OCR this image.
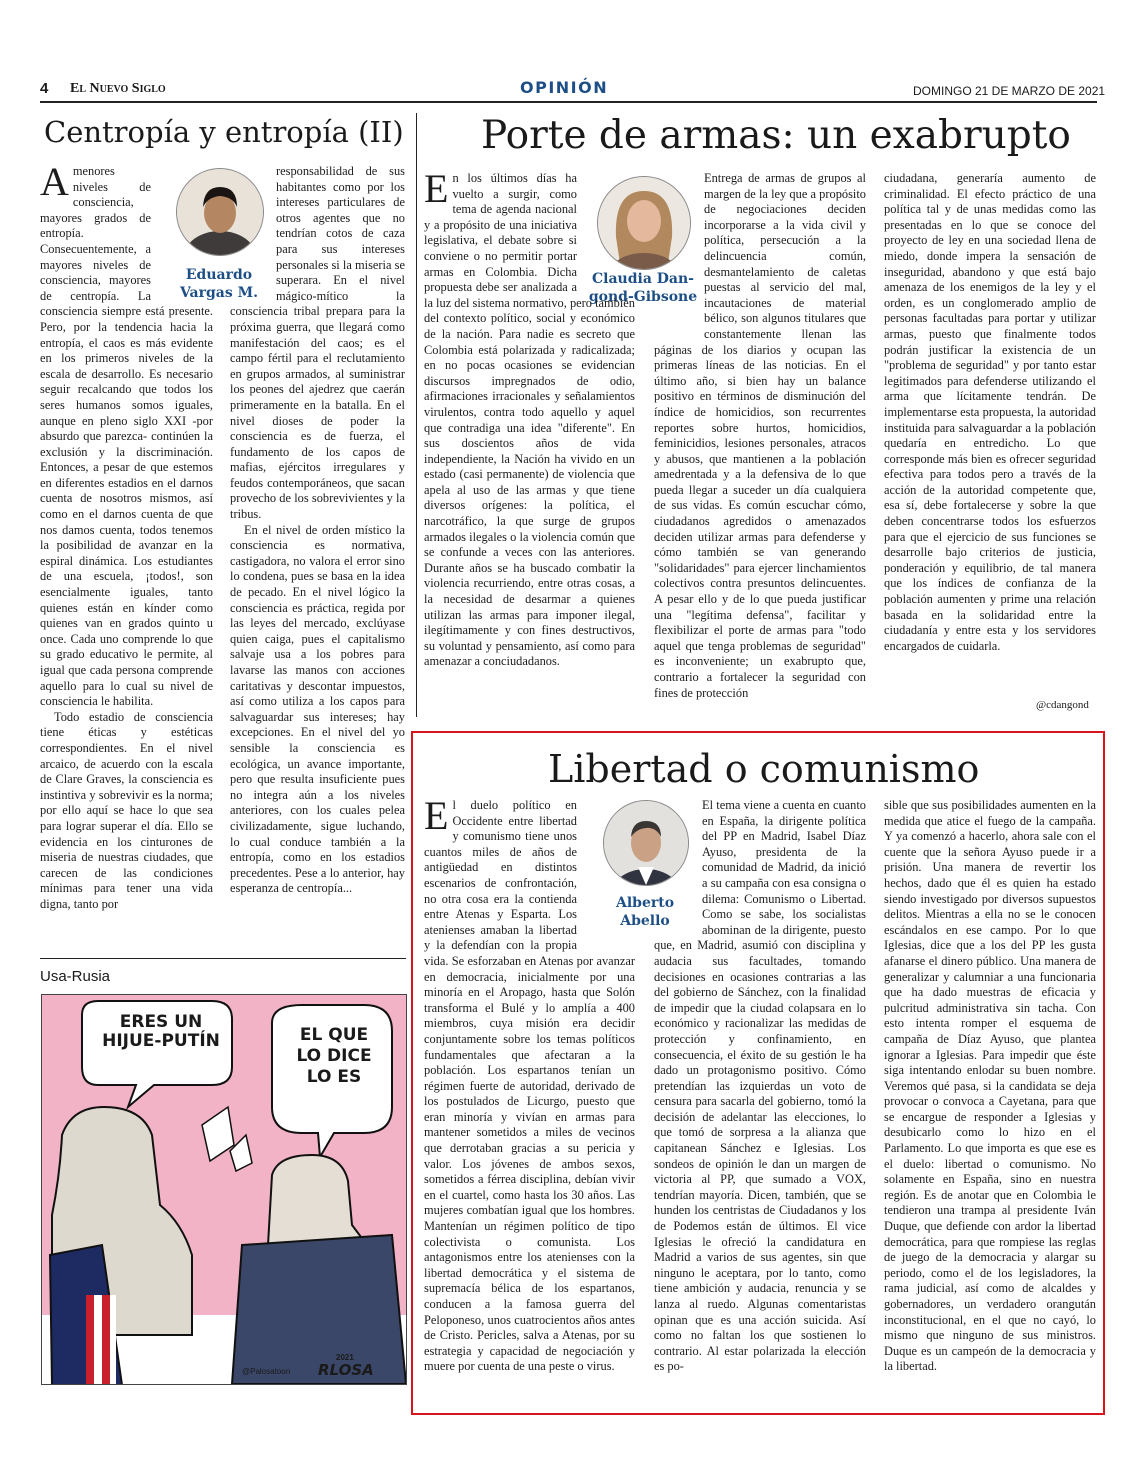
4 El Nuevo Siglo	OPINIÓN	DOMINGO 21 DE MARZO DE 2021
Centropía y entropía (II)
Eduardo
Vargas M.
Amenores niveles de consciencia, mayores grados de entropía. Consecuentemente, a mayores niveles de consciencia, mayores de centropía. La consciencia siempre está presente. Pero, por la tendencia hacia la entropía, el caos es más evidente en los primeros niveles de la escala de desarrollo. Es necesario seguir recalcando que todos los seres humanos somos iguales, aunque en pleno siglo XXI -por absurdo que parezca- continúen la exclusión y la discriminación. Entonces, a pesar de que estemos en diferentes estadios en el darnos cuenta de nosotros mismos, así como en el darnos cuenta de que nos damos cuenta, todos tenemos la posibilidad de avanzar en la espiral dinámica. Los estudiantes de una escuela, ¡todos!, son esencialmente iguales, tanto quienes están en kínder como quienes van en grados quinto u once. Cada uno comprende lo que su grado educativo le permite, al igual que cada persona comprende aquello para lo cual su nivel de consciencia le habilita.

Todo estadio de consciencia tiene éticas y estéticas correspondientes. En el nivel arcaico, de acuerdo con la escala de Clare Graves, la consciencia es instintiva y sobrevivir es la norma; por ello aquí se hace lo que sea para lograr superar el día. Ello se evidencia en los cinturones de miseria de nuestras ciudades, que carecen de las condiciones mínimas para tener una vida digna, tanto por

responsabilidad de sus habitantes como por los intereses particulares de otros agentes que no tendrían cotos de caza para sus intereses personales si la miseria se superara. En el nivel mágico-mítico la consciencia tribal prepara para la próxima guerra, que llegará como manifestación del caos; es el campo fértil para el reclutamiento en grupos armados, al suministrar los peones del ajedrez que caerán primeramente en la batalla. En el nivel dioses de poder la consciencia es de fuerza, el fundamento de los capos de mafias, ejércitos irregulares y feudos contemporáneos, que sacan provecho de los sobrevivientes y la tribus.

En el nivel de orden místico la consciencia es normativa, castigadora, no valora el error sino lo condena, pues se basa en la idea de pecado. En el nivel lógico la consciencia es práctica, regida por las leyes del mercado, exclúyase quien caiga, pues el capitalismo salvaje usa a los pobres para lavarse las manos con acciones caritativas y descontar impuestos, así como utiliza a los capos para salvaguardar sus intereses; hay excepciones. En el nivel del yo sensible la consciencia es ecológica, un avance importante, pero que resulta insuficiente pues no integra aún a los niveles anteriores, con los cuales pelea civilizadamente, sigue luchando, lo cual conduce también a la entropía, como en los estadios precedentes. Pese a lo anterior, hay esperanza de centropía...

Usa-Rusia
ERES UN HIJUE-PUTÍN	EL QUE LO DICE LO ES
@Palosatoon
2021
RLOSA
Porte de armas: un exabrupto
Claudia Dan-
gond-Gibsone
En los últimos días ha vuelto a surgir, como tema de agenda nacional y a propósito de una iniciativa legislativa, el debate sobre si conviene o no permitir portar armas en Colombia. Dicha propuesta debe ser analizada a la luz del sistema normativo, pero también del contexto político, social y económico de la nación. Para nadie es secreto que Colombia está polarizada y radicalizada; en no pocas ocasiones se evidencian discursos impregnados de odio, afirmaciones irracionales y señalamientos virulentos, contra todo aquello y aquel que contradiga una idea "diferente". En sus doscientos años de vida independiente, la Nación ha vivido en un estado (casi permanente) de violencia que apela al uso de las armas y que tiene diversos orígenes: la política, el narcotráfico, la que surge de grupos armados ilegales o la violencia común que se confunde a veces con las anteriores. Durante años se ha buscado combatir la violencia recurriendo, entre otras cosas, a la necesidad de desarmar a quienes utilizan las armas para imponer ilegal, ilegítimamente y con fines destructivos, su voluntad y pensamiento, así como para amenazar a conciudadanos.
Entrega de armas de grupos al margen de la ley que a propósito de negociaciones deciden incorporarse a la vida civil y política, persecución a la delincuencia común, desmantelamiento de caletas puestas al servicio del mal, incautaciones de material bélico, son algunos titulares que constantemente llenan las páginas de los diarios y ocupan las primeras líneas de las noticias. En el último año, si bien hay un balance positivo en términos de disminución del índice de homicidios, son recurrentes reportes sobre hurtos, homicidios, feminicidios, lesiones personales, atracos y abusos, que mantienen a la población amedrentada y a la defensiva de lo que pueda llegar a suceder un día cualquiera de sus vidas. Es común escuchar cómo, ciudadanos agredidos o amenazados deciden utilizar armas para defenderse y cómo también se van generando "solidaridades" para ejercer linchamientos colectivos contra presuntos delincuentes. A pesar ello y de lo que pueda justificar una "legítima defensa", facilitar y flexibilizar el porte de armas para "todo aquel que tenga problemas de seguridad" es inconveniente; un exabrupto que, contrario a fortalecer la seguridad con fines de protección
ciudadana, generaría aumento de criminalidad. El efecto práctico de una política tal y de unas medidas como las presentadas en lo que se conoce del proyecto de ley en una sociedad llena de miedo, donde impera la sensación de inseguridad, abandono y que está bajo amenaza de los enemigos de la ley y el orden, es un conglomerado amplio de personas facultadas para portar y utilizar armas, puesto que finalmente todos podrán justificar la existencia de un "problema de seguridad" y por tanto estar legitimados para defenderse utilizando el arma que lícitamente tendrán. De implementarse esta propuesta, la autoridad instituida para salvaguardar a la población quedaría en entredicho. Lo que corresponde más bien es ofrecer seguridad efectiva para todos pero a través de la acción de la autoridad competente que, esa sí, debe fortalecerse y sobre la que deben concentrarse todos los esfuerzos para que el ejercicio de sus funciones se desarrolle bajo criterios de justicia, ponderación y equilibrio, de tal manera que los índices de confianza de la población aumenten y prime una relación basada en la solidaridad entre la ciudadanía y entre esta y los servidores encargados de cuidarla.
@cdangond
Libertad o comunismo
Alberto
Abello
El duelo político en Occidente entre libertad y comunismo tiene unos cuantos miles de años de antigüedad en distintos escenarios de confrontación, no otra cosa era la contienda entre Atenas y Esparta. Los atenienses amaban la libertad y la defendían con la propia vida. Se esforzaban en Atenas por avanzar en democracia, inicialmente por una minoría en el Aropago, hasta que Solón transforma el Bulé y lo amplía a 400 miembros, cuya misión era decidir conjuntamente sobre los temas políticos fundamentales que afectaran a la población. Los espartanos tenían un régimen fuerte de autoridad, derivado de los postulados de Licurgo, puesto que eran minoría y vivían en armas para mantener sometidos a miles de vecinos que derrotaban gracias a su pericia y valor. Los jóvenes de ambos sexos, sometidos a férrea disciplina, debían vivir en el cuartel, como hasta los 30 años. Las mujeres combatían igual que los hombres. Mantenían un régimen político de tipo colectivista o comunista. Los antagonismos entre los atenienses con la libertad democrática y el sistema de supremacía bélica de los espartanos, conducen a la famosa guerra del Peloponeso, unos cuatrocientos años antes de Cristo. Pericles, salva a Atenas, por su estrategia y capacidad de negociación y muere por cuenta de una peste o virus.
El tema viene a cuenta en cuanto en España, la dirigente política del PP en Madrid, Isabel Díaz Ayuso, presidenta de la comunidad de Madrid, da inició a su campaña con esa consigna o dilema: Comunismo o Libertad. Como se sabe, los socialistas abominan de la dirigente, puesto que, en Madrid, asumió con disciplina y audacia sus facultades, tomando decisiones en ocasiones contrarias a las del gobierno de Sánchez, con la finalidad de impedir que la ciudad colapsara en lo económico y racionalizar las medidas de protección y confinamiento, en consecuencia, el éxito de su gestión le ha dado un protagonismo positivo. Cómo pretendían las izquierdas un voto de censura para sacarla del gobierno, tomó la decisión de adelantar las elecciones, lo que tomó de sorpresa a la alianza que capitanean Sánchez e Iglesias. Los sondeos de opinión le dan un margen de victoria al PP, que sumado a VOX, tendrían mayoría. Dicen, también, que se hunden los centristas de Ciudadanos y los de Podemos están de últimos. El vice Iglesias le ofreció la candidatura en Madrid a varios de sus agentes, sin que ninguno le aceptara, por lo tanto, como tiene ambición y audacia, renuncia y se lanza al ruedo. Algunas comentaristas opinan que es una acción suicida. Así como no faltan los que sostienen lo contrario. Al estar polarizada la elección es po-
sible que sus posibilidades aumenten en la medida que atice el fuego de la campaña. Y ya comenzó a hacerlo, ahora sale con el cuente que la señora Ayuso puede ir a prisión. Una manera de revertir los hechos, dado que él es quien ha estado siendo investigado por diversos supuestos delitos. Mientras a ella no se le conocen escándalos en ese campo. Por lo que Iglesias, dice que a los del PP les gusta afanarse el dinero público. Una manera de generalizar y calumniar a una funcionaria que ha dado muestras de eficacia y pulcritud administrativa sin tacha. Con esto intenta romper el esquema de campaña de Díaz Ayuso, que plantea ignorar a Iglesias. Para impedir que éste siga intentando enlodar su buen nombre. Veremos qué pasa, si la candidata se deja provocar o convoca a Cayetana, para que se encargue de responder a Iglesias y desubicarlo como lo hizo en el Parlamento. Lo que importa es que ese es el duelo: libertad o comunismo. No solamente en España, sino en nuestra región. Es de anotar que en Colombia le tendieron una trampa al presidente Iván Duque, que defiende con ardor la libertad democrática, para que rompiese las reglas de juego de la democracia y alargar su periodo, como el de los legisladores, la rama judicial, así como de alcaldes y gobernadores, un verdadero orangután inconstitucional, en el que no cayó, lo mismo que ninguno de sus ministros. Duque es un campeón de la democracia y la libertad.
